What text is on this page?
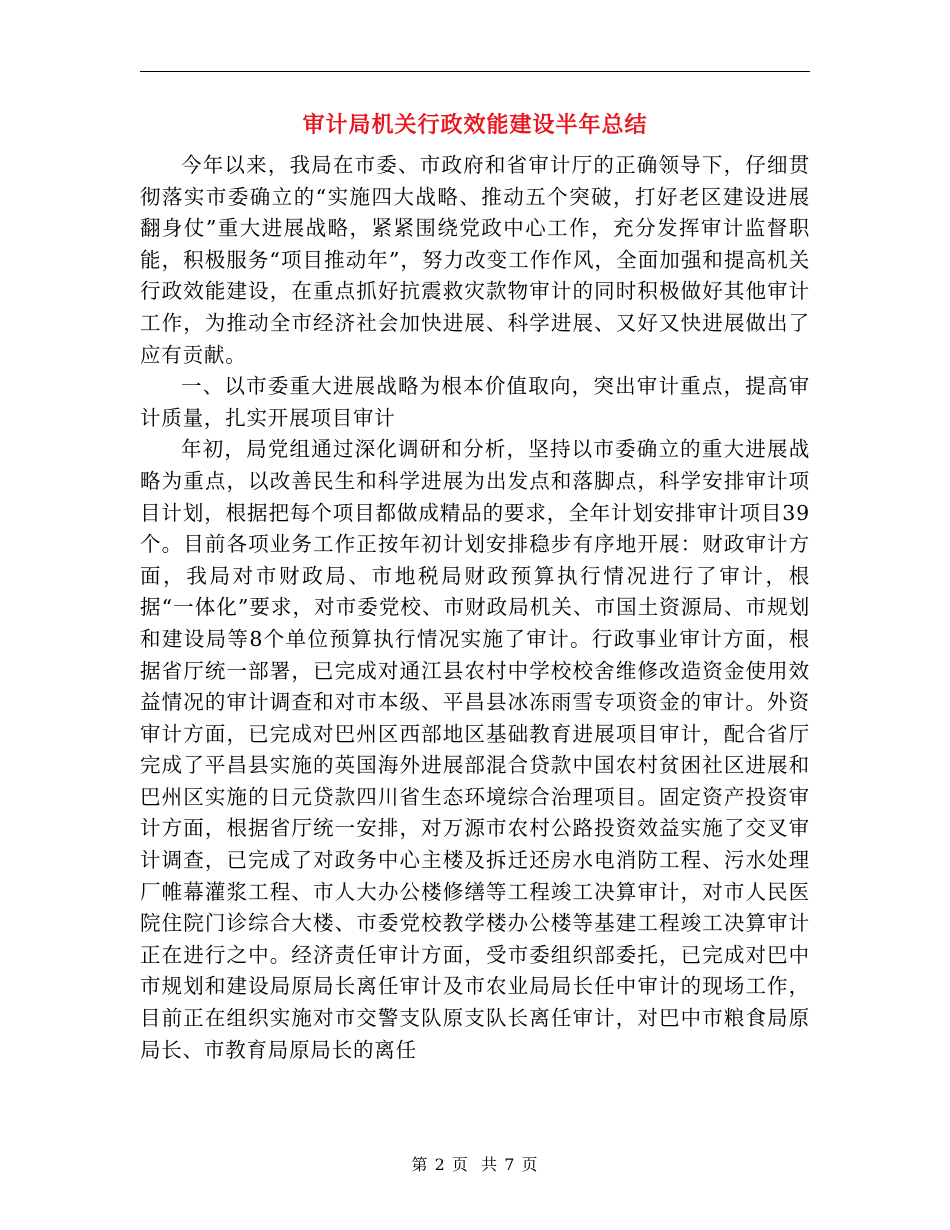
审计局机关行政效能建设半年总结

今年以来，我局在市委、市政府和省审计厅的正确领导下，仔细贯彻落实市委确立的“实施四大战略、推动五个突破，打好老区建设进展翻身仗”重大进展战略，紧紧围绕党政中心工作，充分发挥审计监督职能，积极服务“项目推动年”，努力改变工作作风，全面加强和提高机关行政效能建设，在重点抓好抗震救灾款物审计的同时积极做好其他审计工作，为推动全市经济社会加快进展、科学进展、又好又快进展做出了应有贡献。

一、以市委重大进展战略为根本价值取向，突出审计重点，提高审计质量，扎实开展项目审计

年初，局党组通过深化调研和分析，坚持以市委确立的重大进展战略为重点，以改善民生和科学进展为出发点和落脚点，科学安排审计项目计划，根据把每个项目都做成精品的要求，全年计划安排审计项目39个。目前各项业务工作正按年初计划安排稳步有序地开展：财政审计方面，我局对市财政局、市地税局财政预算执行情况进行了审计，根据“一体化”要求，对市委党校、市财政局机关、市国土资源局、市规划和建设局等8个单位预算执行情况实施了审计。行政事业审计方面，根据省厅统一部署，已完成对通江县农村中学校校舍维修改造资金使用效益情况的审计调查和对市本级、平昌县冰冻雨雪专项资金的审计。外资审计方面，已完成对巴州区西部地区基础教育进展项目审计，配合省厅完成了平昌县实施的英国海外进展部混合贷款中国农村贫困社区进展和巴州区实施的日元贷款四川省生态环境综合治理项目。固定资产投资审计方面，根据省厅统一安排，对万源市农村公路投资效益实施了交叉审计调查，已完成了对政务中心主楼及拆迁还房水电消防工程、污水处理厂帷幕灌浆工程、市人大办公楼修缮等工程竣工决算审计，对市人民医院住院门诊综合大楼、市委党校教学楼办公楼等基建工程竣工决算审计正在进行之中。经济责任审计方面，受市委组织部委托，已完成对巴中市规划和建设局原局长离任审计及市农业局局长任中审计的现场工作，目前正在组织实施对市交警支队原支队长离任审计，对巴中市粮食局原局长、市教育局原局长的离任

第 2 页  共 7 页
